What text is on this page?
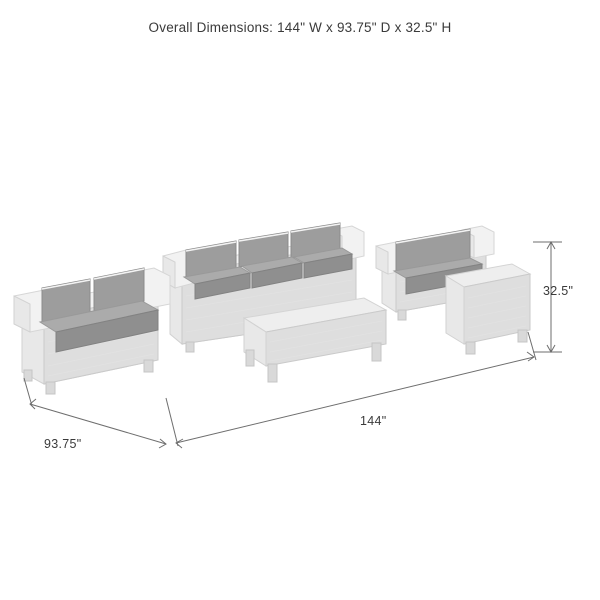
Overall Dimensions: 144" W x 93.75" D x 32.5" H
144"
93.75"
32.5"
